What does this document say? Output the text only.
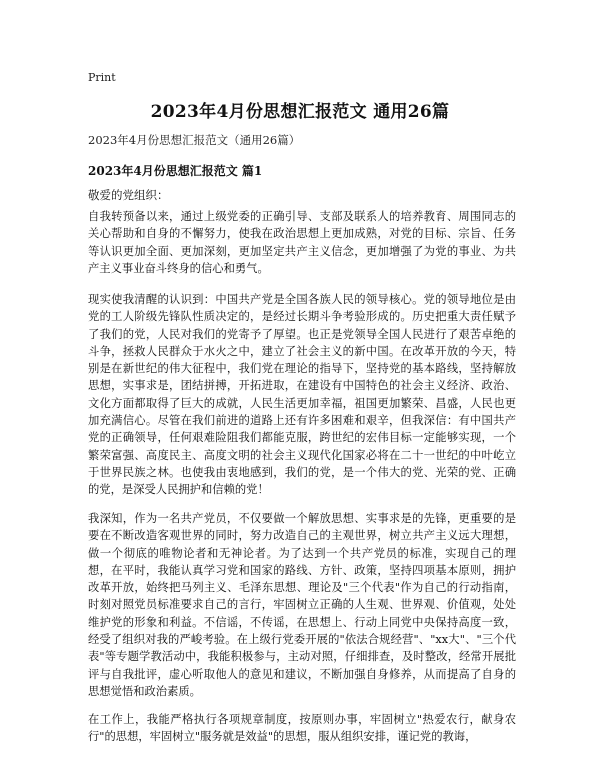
Print
2023年4月份思想汇报范文 通用26篇
2023年4月份思想汇报范文（通用26篇）
2023年4月份思想汇报范文 篇1
敬爱的党组织：

自我转预备以来，通过上级党委的正确引导、支部及联系人的培养教育、周围同志的关心帮助和自身的不懈努力，使我在政治思想上更加成熟，对党的目标、宗旨、任务等认识更加全面、更加深刻，更加坚定共产主义信念，更加增强了为党的事业、为共产主义事业奋斗终身的信心和勇气。

现实使我清醒的认识到：中国共产党是全国各族人民的领导核心。党的领导地位是由党的工人阶级先锋队性质决定的，是经过长期斗争考验形成的。历史把重大责任赋予了我们的党，人民对我们的党寄予了厚望。也正是党领导全国人民进行了艰苦卓绝的斗争，拯救人民群众于水火之中，建立了社会主义的新中国。在改革开放的今天，特别是在新世纪的伟大征程中，我们党在理论的指导下，坚持党的基本路线，坚持解放思想，实事求是，团结拼搏，开拓进取，在建设有中国特色的社会主义经济、政治、文化方面都取得了巨大的成就，人民生活更加幸福，祖国更加繁荣、昌盛，人民也更加充满信心。尽管在我们前进的道路上还有许多困难和艰辛，但我深信：有中国共产党的正确领导，任何艰难险阻我们都能克服，跨世纪的宏伟目标一定能够实现，一个繁荣富强、高度民主、高度文明的社会主义现代化国家必将在二十一世纪的中叶屹立于世界民族之林。也使我由衷地感到，我们的党，是一个伟大的党、光荣的党、正确的党，是深受人民拥护和信赖的党！

我深知，作为一名共产党员，不仅要做一个解放思想、实事求是的先锋，更重要的是要在不断改造客观世界的同时，努力改造自己的主观世界，树立共产主义远大理想，做一个彻底的唯物论者和无神论者。为了达到一个共产党员的标准，实现自己的理想，在平时，我能认真学习党和国家的路线、方针、政策，坚持四项基本原则，拥护改革开放，始终把马列主义、毛泽东思想、理论及"三个代表"作为自己的行动指南，时刻对照党员标准要求自己的言行，牢固树立正确的人生观、世界观、价值观，处处维护党的形象和利益。不信谣，不传谣，在思想上、行动上同党中央保持高度一致，经受了组织对我的严峻考验。在上级行党委开展的"依法合规经营"、"xx大"、"三个代表"等专题学教活动中，我能积极参与，主动对照，仔细排查，及时整改，经常开展批评与自我批评，虚心听取他人的意见和建议，不断加强自身修养，从而提高了自身的思想觉悟和政治素质。

在工作上，我能严格执行各项规章制度，按原则办事，牢固树立"热爱农行，献身农行"的思想，牢固树立"服务就是效益"的思想，服从组织安排，谨记党的教诲，
